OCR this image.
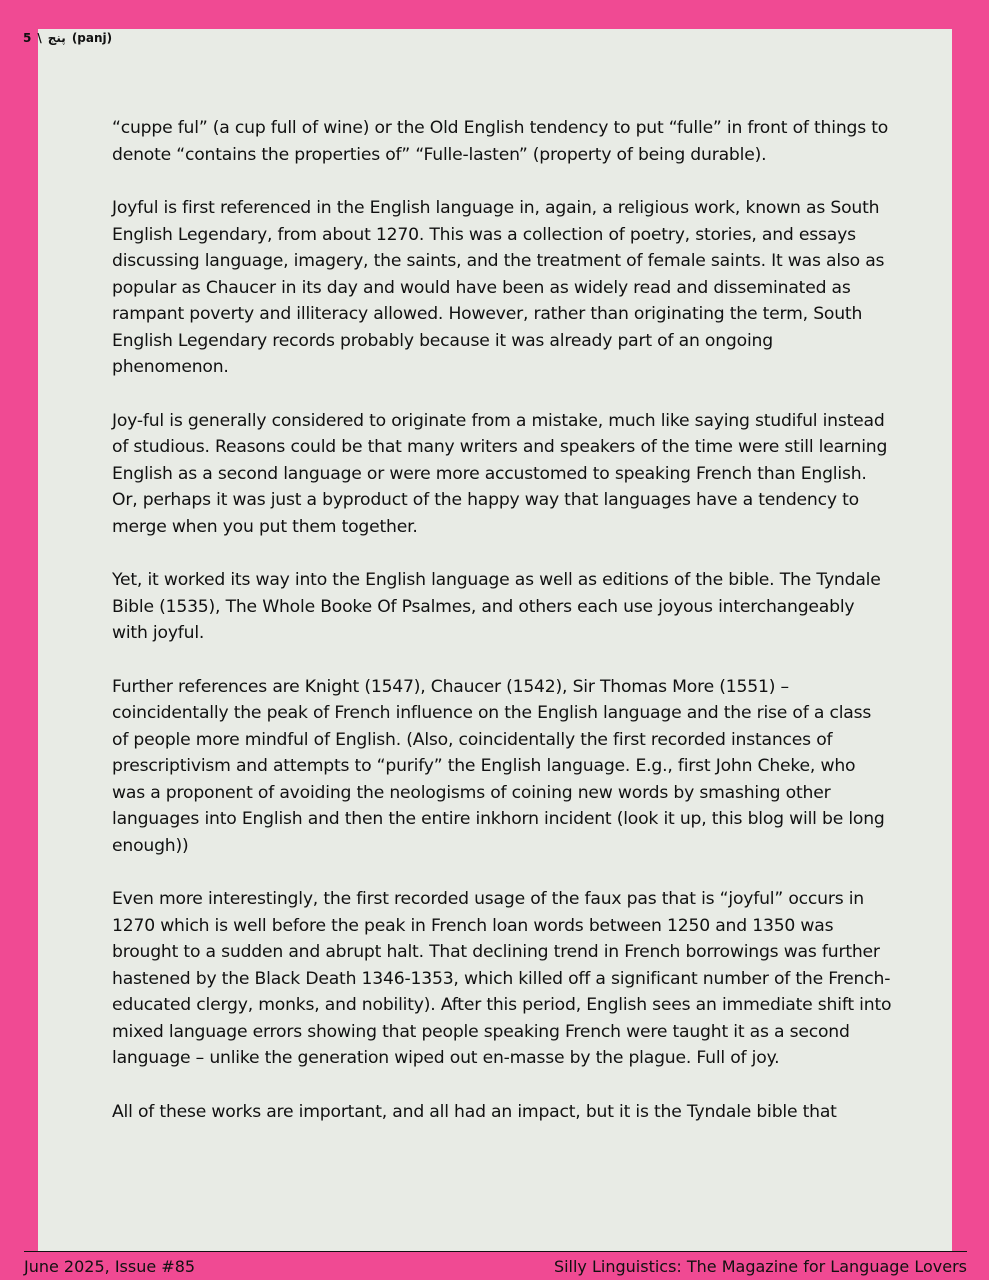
5 \ پنج (panj)

“cuppe ful” (a cup full of wine) or the Old English tendency to put “fulle” in front of things to denote “contains the properties of” “Fulle-lasten” (property of being durable).

Joyful is first referenced in the English language in, again, a religious work, known as South English Legendary, from about 1270. This was a collection of poetry, stories, and essays discussing language, imagery, the saints, and the treatment of female saints. It was also as popular as Chaucer in its day and would have been as widely read and disseminated as rampant poverty and illiteracy allowed. However, rather than originating the term, South English Legendary records probably because it was already part of an ongoing phenomenon.

Joy-ful is generally considered to originate from a mistake, much like saying studiful instead of studious. Reasons could be that many writers and speakers of the time were still learning English as a second language or were more accustomed to speaking French than English. Or, perhaps it was just a byproduct of the happy way that languages have a tendency to merge when you put them together.

Yet, it worked its way into the English language as well as editions of the bible. The Tyndale Bible (1535), The Whole Booke Of Psalmes, and others each use joyous interchangeably with joyful.

Further references are Knight (1547), Chaucer (1542), Sir Thomas More (1551) – coincidentally the peak of French influence on the English language and the rise of a class of people more mindful of English. (Also, coincidentally the first recorded instances of prescriptivism and attempts to “purify” the English language. E.g., first John Cheke, who was a proponent of avoiding the neologisms of coining new words by smashing other languages into English and then the entire inkhorn incident (look it up, this blog will be long enough))

Even more interestingly, the first recorded usage of the faux pas that is “joyful” occurs in 1270 which is well before the peak in French loan words between 1250 and 1350 was brought to a sudden and abrupt halt. That declining trend in French borrowings was further hastened by the Black Death 1346-1353, which killed off a significant number of the French-educated clergy, monks, and nobility). After this period, English sees an immediate shift into mixed language errors showing that people speaking French were taught it as a second language – unlike the generation wiped out en-masse by the plague. Full of joy.

All of these works are important, and all had an impact, but it is the Tyndale bible that

June 2025, Issue #85	Silly Linguistics: The Magazine for Language Lovers
